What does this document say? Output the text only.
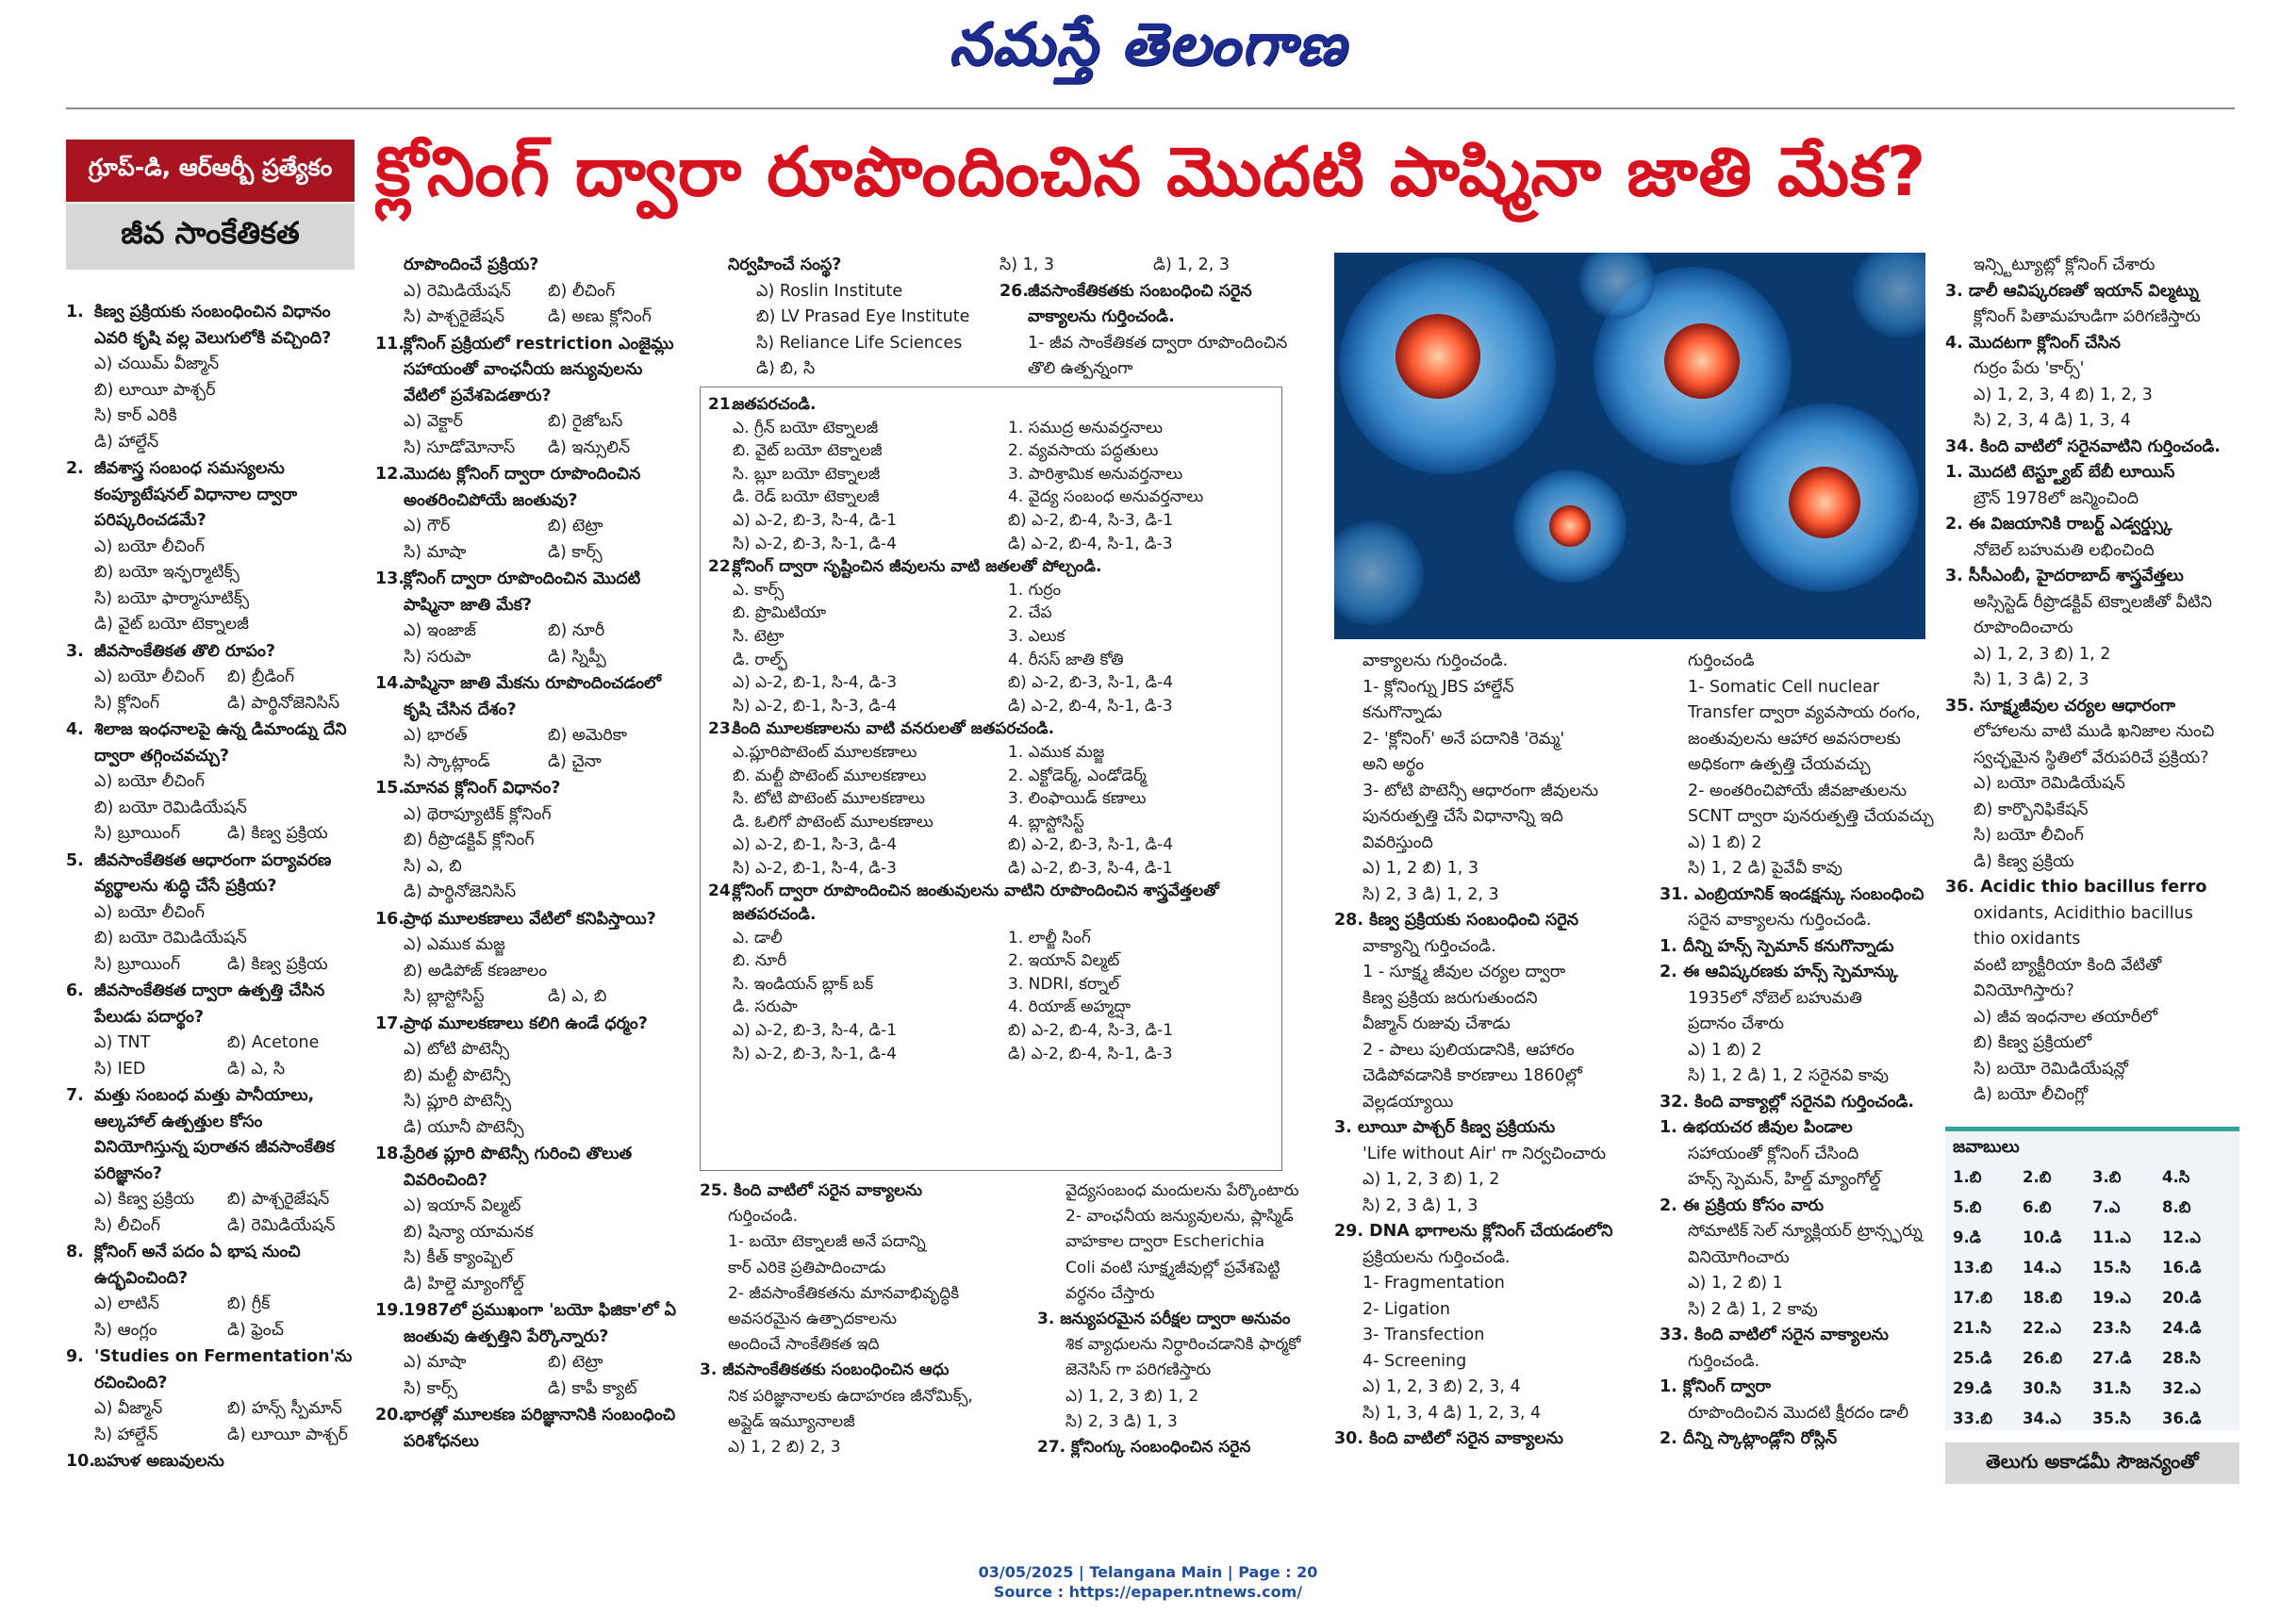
నమస్తే తెలంగాణ
గ్రూప్-డి, ఆర్ఆర్బీ ప్రత్యేకం
జీవ సాంకేతికత
క్లోనింగ్ ద్వారా రూపొందించిన మొదటి పాష్మినా జాతి మేక?
1. కిణ్వ ప్రక్రియకు సంబంధించిన విధానం ఎవరి కృషి వల్ల వెలుగులోకి వచ్చింది?
ఎ) చయిమ్ వీజ్మాన్
బి) లూయీ పాశ్చర్
సి) కార్ ఎరికి
డి) హాల్డేన్
2. జీవశాస్త్ర సంబంధ సమస్యలను కంప్యూటేషనల్ విధానాల ద్వారా పరిష్కరించడమే?
ఎ) బయో లీచింగ్
బి) బయో ఇన్ఫర్మాటిక్స్
సి) బయో ఫార్మాసూటిక్స్
డి) వైట్ బయో టెక్నాలజీ
3. జీవసాంకేతికత తొలి రూపం?
ఎ) బయో లీచింగ్	బి) బ్రీడింగ్
సి) క్లోనింగ్	డి) పార్థినోజెనిసిస్
4. శిలాజ ఇంధనాలపై ఉన్న డిమాండ్ను దేని ద్వారా తగ్గించవచ్చు?
ఎ) బయో లీచింగ్
బి) బయో రెమిడియేషన్
సి) బ్రూయింగ్	డి) కిణ్వ ప్రక్రియ
5. జీవసాంకేతికత ఆధారంగా పర్యావరణ వ్యర్థాలను శుద్ధి చేసే ప్రక్రియ?
ఎ) బయో లీచింగ్
బి) బయో రెమిడియేషన్
సి) బ్రూయింగ్	డి) కిణ్వ ప్రక్రియ
6. జీవసాంకేతికత ద్వారా ఉత్పత్తి చేసిన పేలుడు పదార్థం?
ఎ) TNT	బి) Acetone
సి) IED	డి) ఎ, సి
7. మత్తు సంబంధ మత్తు పానీయాలు, ఆల్కహాల్ ఉత్పత్తుల కోసం వినియోగిస్తున్న పురాతన జీవసాంకేతిక పరిజ్ఞానం?
ఎ) కిణ్వ ప్రక్రియ	బి) పాశ్చరైజేషన్
సి) లీచింగ్	డి) రెమిడియేషన్
8. క్లోనింగ్ అనే పదం ఏ భాష నుంచి ఉద్భవించింది?
ఎ) లాటిన్	బి) గ్రీక్
సి) ఆంగ్లం	డి) ఫ్రెంచ్
9. 'Studies on Fermentation'ను రచించింది?
ఎ) వీజ్మాన్	బి) హన్స్ స్పీమాన్
సి) హాల్డేన్	డి) లూయీ పాశ్చర్
10.
బహుళ అణువులను
రూపొందించే ప్రక్రియ?
ఎ) రెమిడియేషన్	బి) లీచింగ్
సి) పాశ్చరైజేషన్	డి) అణు క్లోనింగ్
11.
క్లోనింగ్ ప్రక్రియలో restriction ఎంజైమ్లు సహాయంతో వాంఛనీయ జన్యువులను వేటిలో ప్రవేశపెడతారు?
ఎ) వెక్టార్	బి) రైజోబస్
సి) సూడోమోనాస్	డి) ఇన్సులిన్
12.
మొదట క్లోనింగ్ ద్వారా రూపొందించిన అంతరించిపోయే జంతువు?
ఎ) గౌర్	బి) టెట్రా
సి) మాషా	డి) కార్స్
13.
క్లోనింగ్ ద్వారా రూపొందించిన మొదటి పాష్మినా జాతి మేక?
ఎ) ఇంజాజ్	బి) నూరీ
సి) సరుపా	డి) స్నిప్పీ
14.
పాష్మినా జాతి మేకను రూపొందించడంలో కృషి చేసిన దేశం?
ఎ) భారత్	బి) అమెరికా
సి) స్కాట్లాండ్	డి) చైనా
15.
మానవ క్లోనింగ్ విధానం?
ఎ) థెరాప్యూటిక్ క్లోనింగ్
బి) రీప్రొడక్టివ్ క్లోనింగ్
సి) ఎ, బి
డి) పార్థినోజెనిసిస్
16.
ప్రాథ మూలకణాలు వేటిలో కనిపిస్తాయి?
ఎ) ఎముక మజ్జ
బి) అడిపోజ్ కణజాలం
సి) బ్లాస్టోసిస్ట్	డి) ఎ, బి
17.
ప్రాథ మూలకణాలు కలిగి ఉండే ధర్మం?
ఎ) టోటి పొటెన్సీ
బి) మల్టీ పొటెన్సీ
సి) ప్లూరి పొటెన్సీ
డి) యూనీ పొటెన్సీ
18.
ప్రేరిత ప్లూరి పొటెన్సీ గురించి తొలుత వివరించింది?
ఎ) ఇయాన్ విల్మట్
బి) షిన్యా యామనక
సి) కీత్ క్యాంప్బెల్
డి) హిల్డె మ్యాంగోల్డ్
19.
1987లో ప్రముఖంగా 'బయో ఫిజికా'లో ఏ జంతువు ఉత్పత్తిని పేర్కొన్నారు?
ఎ) మాషా	బి) టెట్రా
సి) కార్స్	డి) కాపీ క్యాట్
20.
భారత్లో మూలకణ పరిజ్ఞానానికి సంబంధించి పరిశోధనలు
నిర్వహించే సంస్థ?
ఎ) Roslin Institute
బి) LV Prasad Eye Institute
సి) Reliance Life Sciences
డి) బి, సి
సి) 1, 3	డి) 1, 2, 3
26.
జీవసాంకేతికతకు సంబంధించి సరైన వాక్యాలను గుర్తించండి.
1- జీవ సాంకేతికత ద్వారా రూపొందించిన తొలి ఉత్పన్నంగా
21.
జతపరచండి.
ఎ. గ్రీన్ బయో టెక్నాలజీ	1. సముద్ర అనువర్తనాలు
బి. వైట్ బయో టెక్నాలజీ	2. వ్యవసాయ పద్ధతులు
సి. బ్లూ బయో టెక్నాలజీ	3. పారిశ్రామిక అనువర్తనాలు
డి. రెడ్ బయో టెక్నాలజీ	4. వైద్య సంబంధ అనువర్తనాలు
ఎ) ఎ-2, బి-3, సి-4, డి-1	బి) ఎ-2, బి-4, సి-3, డి-1
సి) ఎ-2, బి-3, సి-1, డి-4	డి) ఎ-2, బి-4, సి-1, డి-3
22.
క్లోనింగ్ ద్వారా సృష్టించిన జీవులను వాటి జతలతో పోల్చండి.
ఎ. కార్స్	1. గుర్రం
బి. ప్రొమిటియా	2. చేప
సి. టెట్రా	3. ఎలుక
డి. రాల్ఫ్	4. రీసస్ జాతి కోతి
ఎ) ఎ-2, బి-1, సి-4, డి-3	బి) ఎ-2, బి-3, సి-1, డి-4
సి) ఎ-2, బి-1, సి-3, డి-4	డి) ఎ-2, బి-4, సి-1, డి-3
23.
కింది మూలకణాలను వాటి వనరులతో జతపరచండి.
ఎ.ప్లూరిపొటెంట్ మూలకణాలు	1. ఎముక మజ్జ
బి. మల్టీ పొటెంట్ మూలకణాలు	2. ఎక్టోడెర్మ్, ఎండోడెర్మ్
సి. టోటి పొటెంట్ మూలకణాలు	3. లింఫాయిడ్ కణాలు
డి. ఓలిగో పొటెంట్ మూలకణాలు	4. బ్లాస్టోసిస్ట్
ఎ) ఎ-2, బి-1, సి-3, డి-4	బి) ఎ-2, బి-3, సి-1, డి-4
సి) ఎ-2, బి-1, సి-4, డి-3	డి) ఎ-2, బి-3, సి-4, డి-1
24.
క్లోనింగ్ ద్వారా రూపొందించిన జంతువులను వాటిని రూపొందించిన శాస్త్రవేత్తలతో జతపరచండి.
ఎ. డాలీ	1. లాల్జీ సింగ్
బి. నూరీ	2. ఇయాన్ విల్మట్
సి. ఇండియన్ బ్లాక్ బక్	3. NDRI, కర్నాల్
డి. సరుపా	4. రియాజ్ అహ్మద్షా
ఎ) ఎ-2, బి-3, సి-4, డి-1	బి) ఎ-2, బి-4, సి-3, డి-1
సి) ఎ-2, బి-3, సి-1, డి-4	డి) ఎ-2, బి-4, సి-1, డి-3
25. కింది వాటిలో సరైన వాక్యాలను
గుర్తించండి.
1- బయో టెక్నాలజీ అనే పదాన్ని
కార్ ఎరికె ప్రతిపాదించాడు
2- జీవసాంకేతికతను మానవాభివృద్ధికి
అవసరమైన ఉత్పాదకాలను
అందించే సాంకేతికత ఇది
3. జీవసాంకేతికతకు సంబంధించిన ఆధు
నిక పరిజ్ఞానాలకు ఉదాహరణ జీనోమిక్స్,
అప్లైడ్ ఇమ్యూనాలజీ
ఎ) 1, 2 బి) 2, 3
వైద్యసంబంధ మందులను పేర్కొంటారు
2- వాంఛనీయ జన్యువులను, ప్లాస్మిడ్
వాహకాల ద్వారా Escherichia
Coli వంటి సూక్ష్మజీవుల్లో ప్రవేశపెట్టి
వర్ధనం చేస్తారు
3. జన్యుపరమైన పరీక్షల ద్వారా అనువం
శిక వ్యాధులను నిర్ధారించడానికి ఫార్మకో
జెనెసిస్ గా పరిగణిస్తారు
ఎ) 1, 2, 3 బి) 1, 2
సి) 2, 3 డి) 1, 3
27. క్లోనింగ్కు సంబంధించిన సరైన
వాక్యాలను గుర్తించండి.
1- క్లోనింగ్ను JBS హాల్డేన్
కనుగొన్నాడు
2- 'క్లోనింగ్' అనే పదానికి 'రెమ్మ'
అని అర్థం
3- టోటి పొటెన్సీ ఆధారంగా జీవులను
పునరుత్పత్తి చేసే విధానాన్ని ఇది
వివరిస్తుంది
ఎ) 1, 2 బి) 1, 3
సి) 2, 3 డి) 1, 2, 3
28. కిణ్వ ప్రక్రియకు సంబంధించి సరైన
వాక్యాన్ని గుర్తించండి.
1 - సూక్ష్మ జీవుల చర్యల ద్వారా
కిణ్వ ప్రక్రియ జరుగుతుందని
వీజ్మాన్ రుజువు చేశాడు
2 - పాలు పులియడానికి, ఆహారం
చెడిపోవడానికి కారణాలు 1860ల్లో
వెల్లడయ్యాయి
3. లూయీ పాశ్చర్ కిణ్వ ప్రక్రియను
'Life without Air' గా నిర్వచించారు
ఎ) 1, 2, 3 బి) 1, 2
సి) 2, 3 డి) 1, 3
29. DNA భాగాలను క్లోనింగ్ చేయడంలోని
ప్రక్రియలను గుర్తించండి.
1- Fragmentation
2- Ligation
3- Transfection
4- Screening
ఎ) 1, 2, 3 బి) 2, 3, 4
సి) 1, 3, 4 డి) 1, 2, 3, 4
30. కింది వాటిలో సరైన వాక్యాలను
గుర్తించండి
1- Somatic Cell nuclear
Transfer ద్వారా వ్యవసాయ రంగం,
జంతువులను ఆహార అవసరాలకు
అధికంగా ఉత్పత్తి చేయవచ్చు
2- అంతరించిపోయే జీవజాతులను
SCNT ద్వారా పునరుత్పత్తి చేయవచ్చు
ఎ) 1 బి) 2
సి) 1, 2 డి) పైవేవీ కావు
31. ఎంబ్రియానిక్ ఇండక్షన్కు సంబంధించి
సరైన వాక్యాలను గుర్తించండి.
1. దీన్ని హన్స్ స్పెమాన్ కనుగొన్నాడు
2. ఈ ఆవిష్కరణకు హన్స్ స్పెమాన్కు
1935లో నోబెల్ బహుమతి
ప్రదానం చేశారు
ఎ) 1 బి) 2
సి) 1, 2 డి) 1, 2 సరైనవి కావు
32. కింది వాక్యాల్లో సరైనవి గుర్తించండి.
1. ఉభయచర జీవుల పిండాల
సహాయంతో క్లోనింగ్ చేసింది
హన్స్ స్పెమన్, హిల్డ్ మ్యాంగోల్డ్
2. ఈ ప్రక్రియ కోసం వారు
సోమాటిక్ సెల్ న్యూక్లియర్ ట్రాన్స్ఫర్ను
వినియోగించారు
ఎ) 1, 2 బి) 1
సి) 2 డి) 1, 2 కావు
33. కింది వాటిలో సరైన వాక్యాలను
గుర్తించండి.
1. క్లోనింగ్ ద్వారా
రూపొందించిన మొదటి క్షీరదం డాలీ
2. దీన్ని స్కాట్లాండ్లోని రోస్లిన్
ఇన్స్టిట్యూట్లో క్లోనింగ్ చేశారు
3. డాలీ ఆవిష్కరణతో ఇయాన్ విల్మట్ను
క్లోనింగ్ పితామహుడిగా పరిగణిస్తారు
4. మొదటగా క్లోనింగ్ చేసిన
గుర్రం పేరు 'కార్స్'
ఎ) 1, 2, 3, 4 బి) 1, 2, 3
సి) 2, 3, 4 డి) 1, 3, 4
34. కింది వాటిలో సరైనవాటిని గుర్తించండి.
1. మొదటి టెస్ట్ట్యూబ్ బేబీ లూయిస్
బ్రౌన్ 1978లో జన్మించింది
2. ఈ విజయానికి రాబర్ట్ ఎడ్వర్డ్స్కు
నోబెల్ బహుమతి లభించింది
3. సీసీఎంబీ, హైదరాబాద్ శాస్త్రవేత్తలు
అస్సిస్టెడ్ రీప్రొడక్టివ్ టెక్నాలజీతో వీటిని
రూపొందించారు
ఎ) 1, 2, 3 బి) 1, 2
సి) 1, 3 డి) 2, 3
35. సూక్ష్మజీవుల చర్యల ఆధారంగా
లోహాలను వాటి ముడి ఖనిజాల నుంచి
స్వచ్ఛమైన స్థితిలో వేరుపరిచే ప్రక్రియ?
ఎ) బయో రెమిడియేషన్
బి) కార్బొనిఫికేషన్
సి) బయో లీచింగ్
డి) కిణ్వ ప్రక్రియ
36. Acidic thio bacillus ferro
oxidants, Acidithio bacillus
thio oxidants
వంటి బ్యాక్టీరియా కింది వేటితో
వినియోగిస్తారు?
ఎ) జీవ ఇంధనాల తయారీలో
బి) కిణ్వ ప్రక్రియలో
సి) బయో రెమిడియేషన్లో
డి) బయో లీచింగ్లో
జవాబులు
1.బి	2.బి	3.బి	4.సి
5.బి	6.బి	7.ఎ	8.బి
9.డి	10.డి	11.ఎ	12.ఎ
13.బి	14.ఎ	15.సి	16.డి
17.బి	18.బి	19.ఎ	20.డి
21.సి	22.ఎ	23.సి	24.డి
25.డి	26.బి	27.డి	28.సి
29.డి	30.సి	31.సి	32.ఎ
33.బి	34.ఎ	35.సి	36.డి
తెలుగు అకాడమీ సౌజన్యంతో
03/05/2025 | Telangana Main | Page : 20
Source : https://epaper.ntnews.com/
